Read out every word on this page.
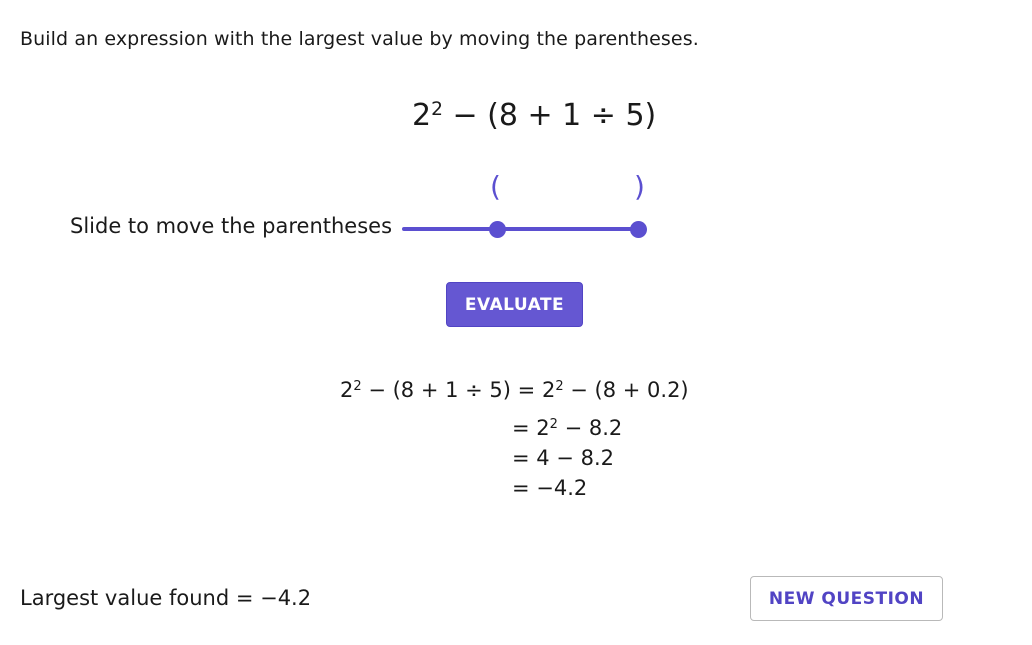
Build an expression with the largest value by moving the parentheses.
$2^2 - (8 + 1 \div 5)$
(	)
Slide to move the parentheses
EVALUATE
$2^2 - (8 + 1 \div 5) = 2^2 - (8 + 0.2)$
= $2^2 - 8.2$
= 4 − 8.2
= −4.2
Largest value found = −4.2	NEW QUESTION
